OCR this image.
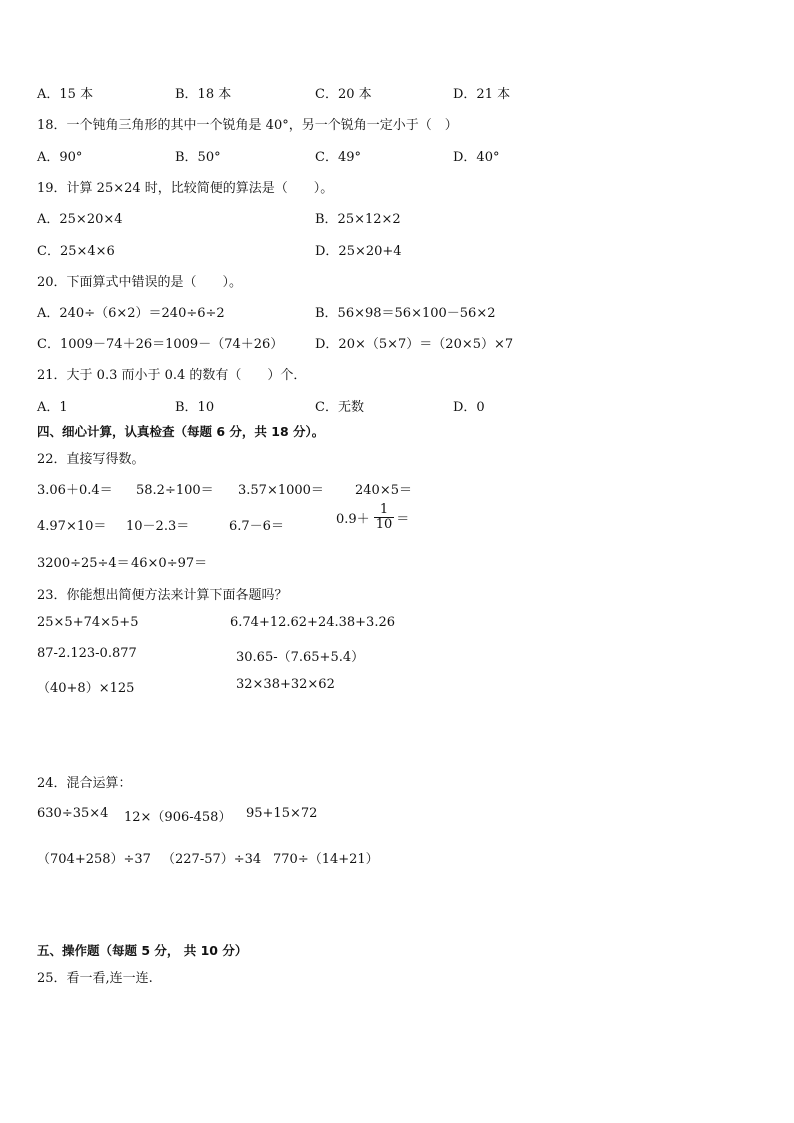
A．15 本	B．18 本	C．20 本	D．21 本
18．一个钝角三角形的其中一个锐角是 40°，另一个锐角一定小于（　）
A．90°	B．50°	C．49°	D．40°
19．计算 25×24 时，比较简便的算法是（　　）。
A．25×20×4	B．25×12×2
C．25×4×6	D．25×20+4
20．下面算式中错误的是（　　）。
A．240÷（6×2）＝240÷6÷2	B．56×98＝56×100－56×2
C．1009－74＋26＝1009－（74＋26） D．20×（5×7）＝（20×5）×7
21．大于 0.3 而小于 0.4 的数有（　　）个．
A．1	B．10	C．无数	D．0
四、细心计算，认真检查（每题 6 分，共 18 分）。
22．直接写得数。
3.06＋0.4＝ 58.2÷100＝ 3.57×1000＝ 240×5＝
4.97×10＝ 10－2.3＝	6.7－6＝	$0.9+ \frac{1}{10}$ ＝
3200÷25÷4＝ 46×0÷97＝
23．你能想出简便方法来计算下面各题吗？
25×5+74×5+5	6.74+12.62+24.38+3.26
87-2.123-0.877	30.65-（7.65+5.4）
（40+8）×125	32×38+32×62
24．混合运算：
630÷35×4 12×（906-458） 95+15×72
（704+258）÷37 （227-57）÷34 770÷（14+21）
五、操作题（每题 5 分， 共 10 分）
25．看一看,连一连.
